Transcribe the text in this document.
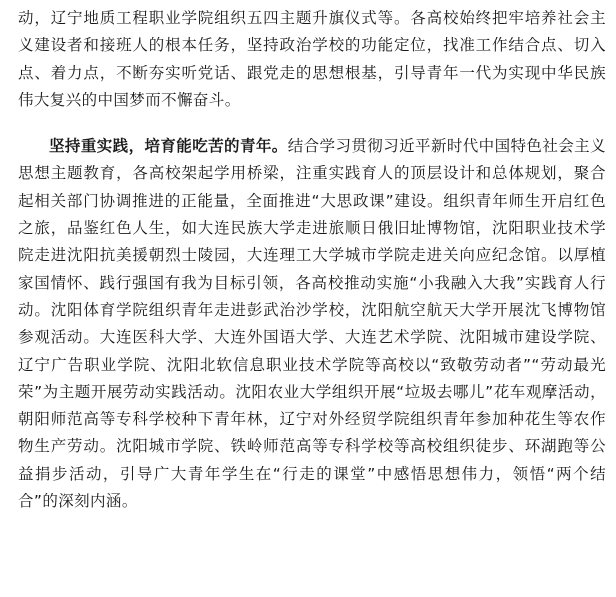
动，辽宁地质工程职业学院组织五四主题升旗仪式等。各高校始终把牢培养社会主义建设者和接班人的根本任务，坚持政治学校的功能定位，找准工作结合点、切入点、着力点，不断夯实听党话、跟党走的思想根基，引导青年一代为实现中华民族伟大复兴的中国梦而不懈奋斗。

坚持重实践，培育能吃苦的青年。结合学习贯彻习近平新时代中国特色社会主义思想主题教育，各高校架起学用桥梁，注重实践育人的顶层设计和总体规划，聚合起相关部门协调推进的正能量，全面推进“大思政课”建设。组织青年师生开启红色之旅，品鉴红色人生，如大连民族大学走进旅顺日俄旧址博物馆，沈阳职业技术学院走进沈阳抗美援朝烈士陵园，大连理工大学城市学院走进关向应纪念馆。以厚植家国情怀、践行强国有我为目标引领，各高校推动实施“小我融入大我”实践育人行动。沈阳体育学院组织青年走进彭武治沙学校，沈阳航空航天大学开展沈飞博物馆参观活动。大连医科大学、大连外国语大学、大连艺术学院、沈阳城市建设学院、辽宁广告职业学院、沈阳北软信息职业技术学院等高校以“致敬劳动者”“劳动最光荣”为主题开展劳动实践活动。沈阳农业大学组织开展“垃圾去哪儿”花车观摩活动，朝阳师范高等专科学校种下青年林，辽宁对外经贸学院组织青年参加种花生等农作物生产劳动。沈阳城市学院、铁岭师范高等专科学校等高校组织徒步、环湖跑等公益捐步活动，引导广大青年学生在“行走的课堂”中感悟思想伟力，领悟“两个结合”的深刻内涵。
